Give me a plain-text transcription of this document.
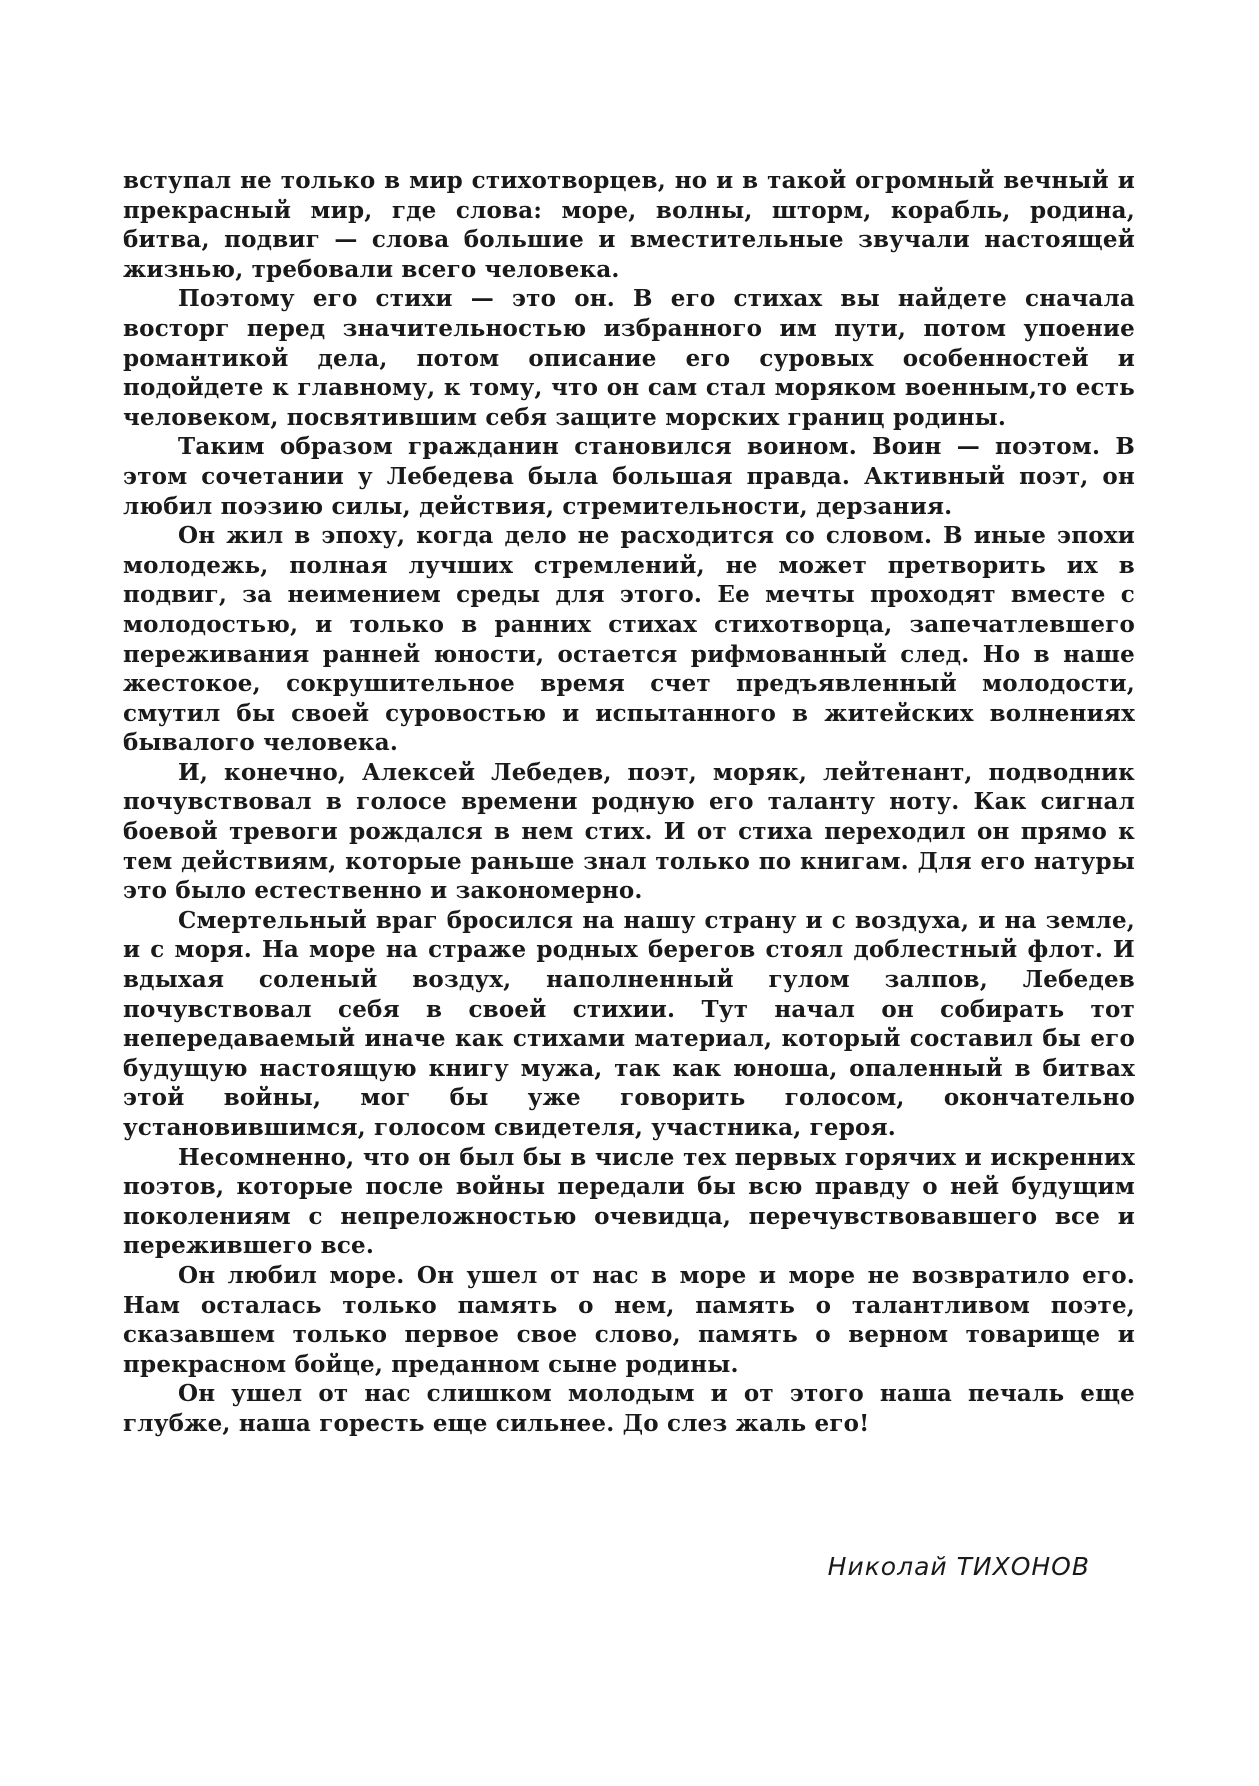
вступал не только в мир стихотворцев, но и в такой огромный вечный и прекрасный мир, где слова: море, волны, шторм, корабль, родина, битва, подвиг — слова большие и вместительные звучали настоящей жизнью, требовали всего человека.

Поэтому его стихи — это он. В его стихах вы найдете сначала восторг перед значительностью избранного им пути, потом упоение романтикой дела, потом описание его суровых особенностей и подойдете к главному, к тому, что он сам стал моряком военным,то есть человеком, посвятившим себя защите морских границ родины.

Таким образом гражданин становился воином. Воин — поэтом. В этом сочетании у Лебедева была большая правда. Активный поэт, он любил поэзию силы, действия, стремительности, дерзания.

Он жил в эпоху, когда дело не расходится со словом. В иные эпохи молодежь, полная лучших стремлений, не может претворить их в подвиг, за неимением среды для этого. Ее мечты проходят вместе с молодостью, и только в ранних стихах стихотворца, запечатлевшего переживания ранней юности, остается рифмованный след. Но в наше жестокое, сокрушительное время счет предъявленный молодости, смутил бы своей суровостью и испытанного в житейских волнениях бывалого человека.

И, конечно, Алексей Лебедев, поэт, моряк, лейтенант, подводник почувствовал в голосе времени родную его таланту ноту. Как сигнал боевой тревоги рождался в нем стих. И от стиха переходил он прямо к тем действиям, которые раньше знал только по книгам. Для его натуры это было естественно и закономерно.

Смертельный враг бросился на нашу страну и с воздуха, и на земле, и с моря. На море на страже родных берегов стоял доблестный флот. И вдыхая соленый воздух, наполненный гулом залпов, Лебедев почувствовал себя в своей стихии. Тут начал он собирать тот непередаваемый иначе как стихами материал, который составил бы его будущую настоящую книгу мужа, так как юноша, опаленный в битвах этой войны, мог бы уже говорить голосом, окончательно установившимся, голосом свидетеля, участника, героя.

Несомненно, что он был бы в числе тех первых горячих и искренних поэтов, которые после войны передали бы всю правду о ней будущим поколениям с непреложностью очевидца, перечувствовавшего все и пережившего все.

Он любил море. Он ушел от нас в море и море не возвратило его. Нам осталась только память о нем, память о талантливом поэте, сказавшем только первое свое слово, память о верном товарище и прекрасном бойце, преданном сыне родины.

Он ушел от нас слишком молодым и от этого наша печаль еще глубже, наша горесть еще сильнее. До слез жаль его!

Николай ТИХОНОВ
